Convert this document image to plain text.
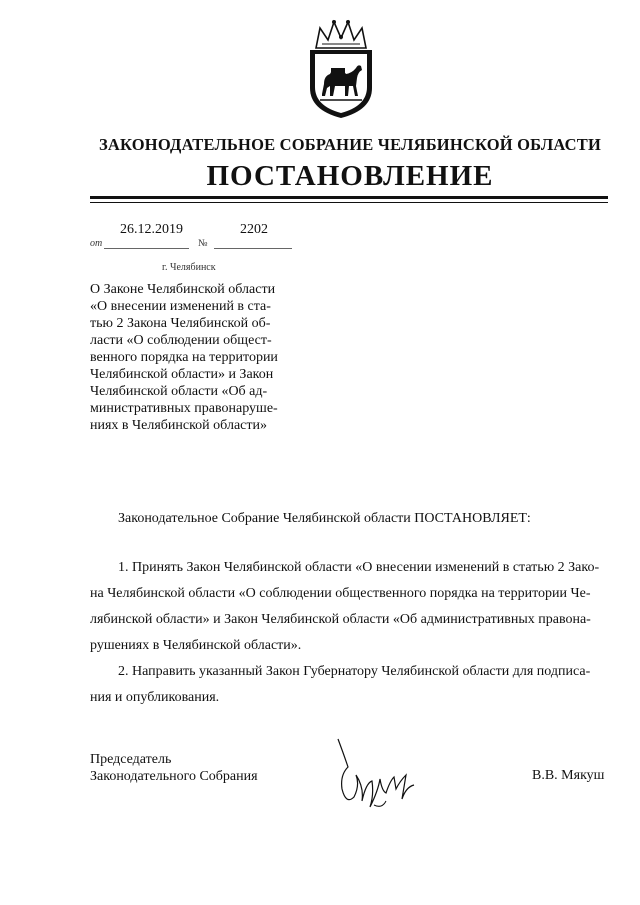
ЗАКОНОДАТЕЛЬНОЕ СОБРАНИЕ ЧЕЛЯБИНСКОЙ ОБЛАСТИ
ПОСТАНОВЛЕНИЕ
26.12.2019	2202
от	№
г. Челябинск
О Законе Челябинской области
«О внесении изменений в ста-
тью 2 Закона Челябинской об-
ласти «О соблюдении общест-
венного порядка на территории
Челябинской области» и Закон
Челябинской области «Об ад-
министративных правонаруше-
ниях в Челябинской области»
Законодательное Собрание Челябинской области ПОСТАНОВЛЯЕТ:
1. Принять Закон Челябинской области «О внесении изменений в статью 2 Зако-
на Челябинской области «О соблюдении общественного порядка на территории Че-
лябинской области» и Закон Челябинской области «Об административных правона-
рушениях в Челябинской области».
2. Направить указанный Закон Губернатору Челябинской области для подписа-
ния и опубликования.
Председатель
Законодательного Собрания	В.В. Мякуш
